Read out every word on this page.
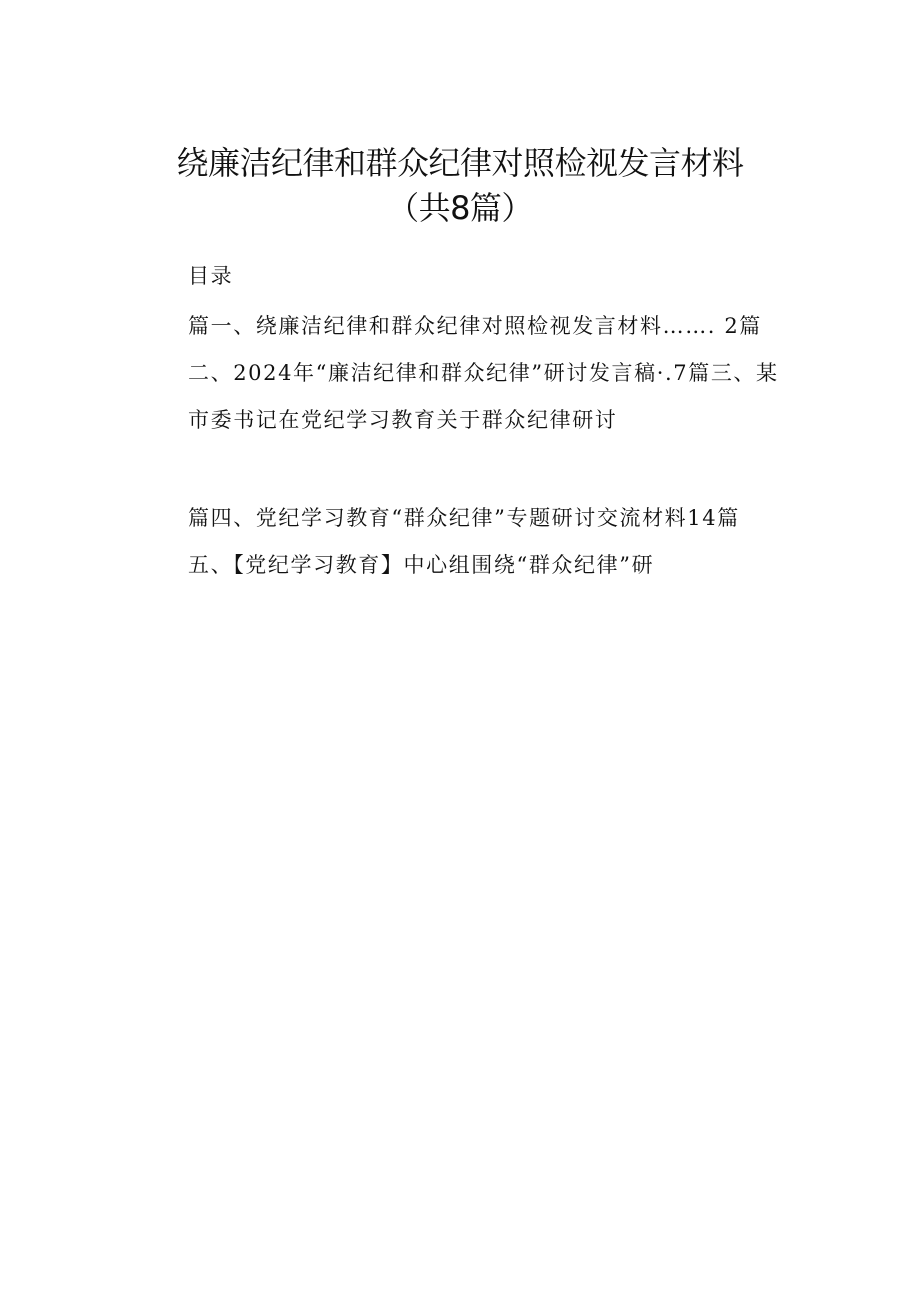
绕廉洁纪律和群众纪律对照检视发言材料
（共8篇）
目录
篇一、绕廉洁纪律和群众纪律对照检视发言材料……. 2篇
二、2024年“廉洁纪律和群众纪律”研讨发言稿·.7篇三、某
市委书记在党纪学习教育关于群众纪律研讨
篇四、党纪学习教育“群众纪律”专题研讨交流材料14篇
五、【党纪学习教育】中心组围绕“群众纪律”研
